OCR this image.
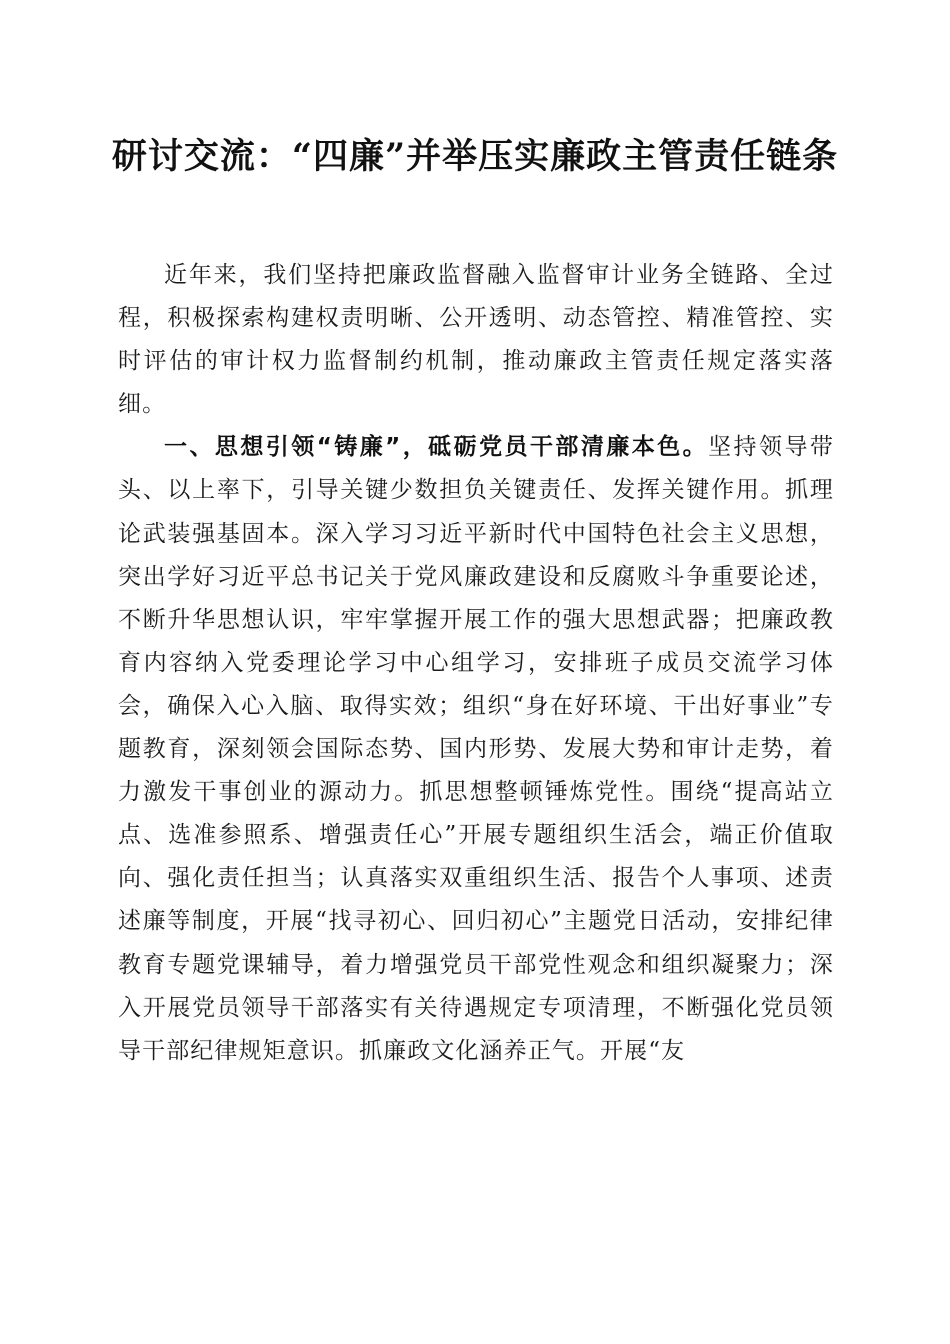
研讨交流：“四廉”并举压实廉政主管责任链条

近年来，我们坚持把廉政监督融入监督审计业务全链路、全过程，积极探索构建权责明晰、公开透明、动态管控、精准管控、实时评估的审计权力监督制约机制，推动廉政主管责任规定落实落细。

一、思想引领“铸廉”，砥砺党员干部清廉本色。坚持领导带头、以上率下，引导关键少数担负关键责任、发挥关键作用。抓理论武装强基固本。深入学习习近平新时代中国特色社会主义思想，突出学好习近平总书记关于党风廉政建设和反腐败斗争重要论述，不断升华思想认识，牢牢掌握开展工作的强大思想武器；把廉政教育内容纳入党委理论学习中心组学习，安排班子成员交流学习体会，确保入心入脑、取得实效；组织“身在好环境、干出好事业”专题教育，深刻领会国际态势、国内形势、发展大势和审计走势，着力激发干事创业的源动力。抓思想整顿锤炼党性。围绕“提高站立点、选准参照系、增强责任心”开展专题组织生活会，端正价值取向、强化责任担当；认真落实双重组织生活、报告个人事项、述责述廉等制度，开展“找寻初心、回归初心”主题党日活动，安排纪律教育专题党课辅导，着力增强党员干部党性观念和组织凝聚力；深入开展党员领导干部落实有关待遇规定专项清理，不断强化党员领导干部纪律规矩意识。抓廉政文化涵养正气。开展“友
